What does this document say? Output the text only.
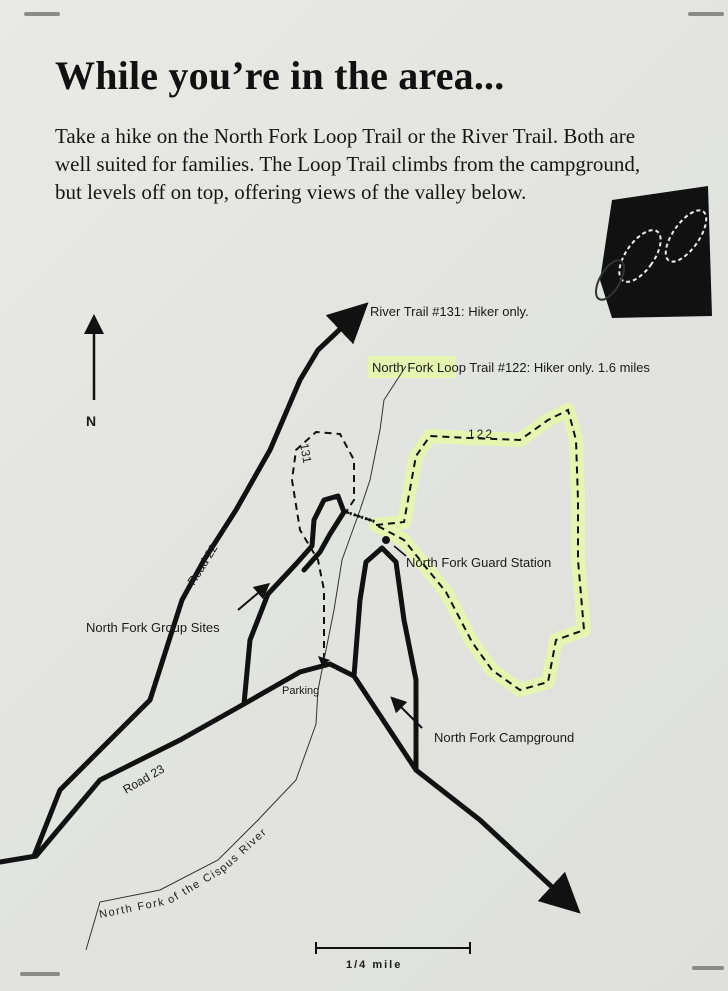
While you’re in the area...

Take a hike on the North Fork Loop Trail or the River Trail. Both are
well suited for families. The Loop Trail climbs from the campground,
but levels off on top, offering views of the valley below.

N
River Trail #131: Hiker only.
North Fork Loop Trail #122: Hiker only. 1.6 miles
122
131
Road 22
Road 23
North Fork Group Sites
North Fork Guard Station
Parking
North Fork Campground
North Fork of the Cispus River
1/4 mile
